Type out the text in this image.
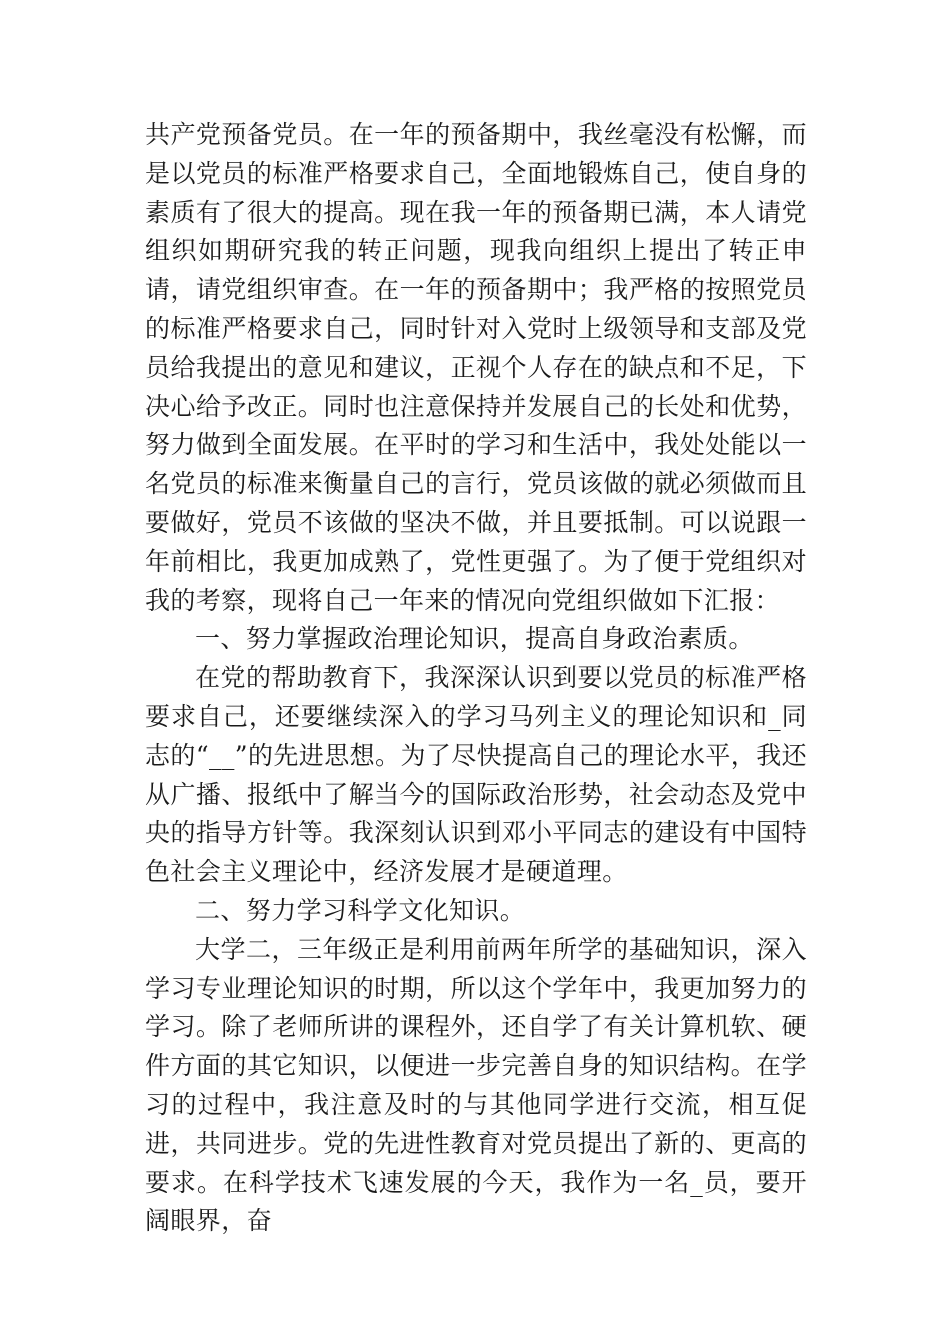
共产党预备党员。在一年的预备期中，我丝毫没有松懈，而是以党员的标准严格要求自己，全面地锻炼自己，使自身的素质有了很大的提高。现在我一年的预备期已满，本人请党组织如期研究我的转正问题，现我向组织上提出了转正申请，请党组织审查。在一年的预备期中；我严格的按照党员的标准严格要求自己，同时针对入党时上级领导和支部及党员给我提出的意见和建议，正视个人存在的缺点和不足，下决心给予改正。同时也注意保持并发展自己的长处和优势，努力做到全面发展。在平时的学习和生活中，我处处能以一名党员的标准来衡量自己的言行，党员该做的就必须做而且要做好，党员不该做的坚决不做，并且要抵制。可以说跟一年前相比，我更加成熟了，党性更强了。为了便于党组织对我的考察，现将自己一年来的情况向党组织做如下汇报：

一、努力掌握政治理论知识，提高自身政治素质。

在党的帮助教育下，我深深认识到要以党员的标准严格要求自己，还要继续深入的学习马列主义的理论知识和_同志的“__”的先进思想。为了尽快提高自己的理论水平，我还从广播、报纸中了解当今的国际政治形势，社会动态及党中央的指导方针等。我深刻认识到邓小平同志的建设有中国特色社会主义理论中，经济发展才是硬道理。

二、努力学习科学文化知识。

大学二，三年级正是利用前两年所学的基础知识，深入学习专业理论知识的时期，所以这个学年中，我更加努力的学习。除了老师所讲的课程外，还自学了有关计算机软、硬件方面的其它知识，以便进一步完善自身的知识结构。在学习的过程中，我注意及时的与其他同学进行交流，相互促进，共同进步。党的先进性教育对党员提出了新的、更高的要求。在科学技术飞速发展的今天，我作为一名_员，要开阔眼界，奋
